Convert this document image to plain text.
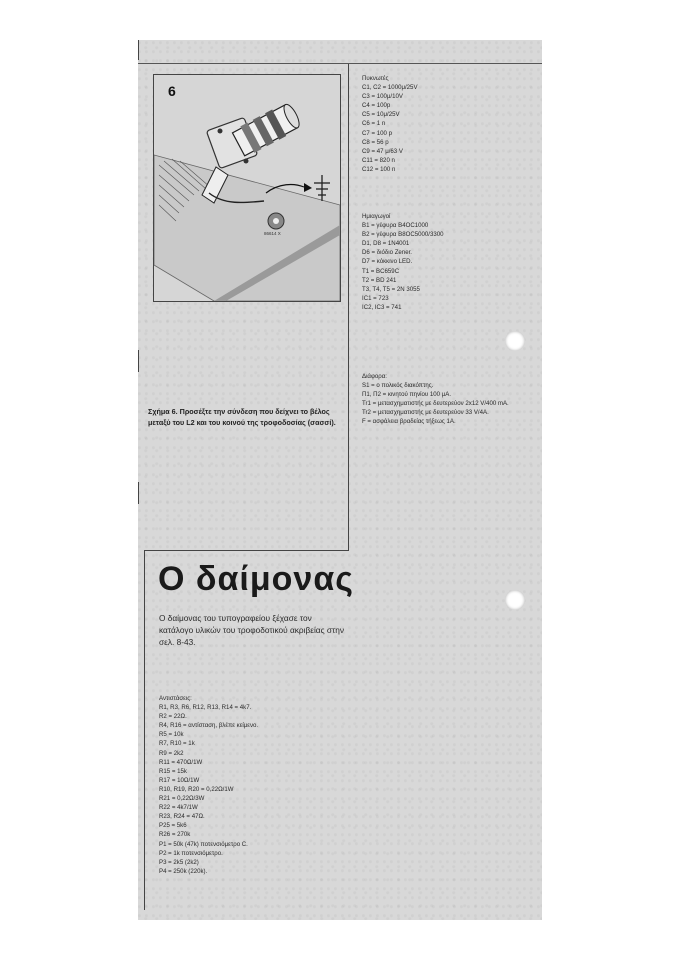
6
86614 X
Σχήμα 6. Προσέξτε την σύνδεση που δείχνει το βέλος μεταξύ του L2 και του κοινού της τροφοδοσίας (σασσί).
Πυκνωτές
C1, C2 = 1000μ/25V
C3 = 100μ/10V
C4 = 100p
C5 = 10μ/25V
C6 = 1 n
C7 = 100 p
C8 = 56 p
C9 = 47 μ/63 V
C11 = 820 n
C12 = 100 n
Ημιαγωγοί
B1 = γέφυρα B4OC1000
B2 = γέφυρα B8OC5000/3300
D1, D8 = 1N4001
D6 = διόδιο Zener.
D7 = κόκκινο LED.
T1 = BC659C
T2 = BD 241
T3, T4, T5 = 2N 3055
IC1 = 723
IC2, IC3 = 741
Διάφορα:
S1 = ο πολικός διακόπτης.
Π1, Π2 = κινητού πηνίου 100 μA.
Tr1 = μετασχηματιστής με δευτερεύον 2x12 V/400 mA.
Tr2 = μετασχηματιστής με δευτερεύον 33 V/4A.
F = ασφάλεια βραδείας τήξεως 1A.
Ο δαίμονας
Ο δαίμονας του τυπογραφείου ξέχασε τον κατάλογο υλικών του τροφοδοτικού ακριβείας στην σελ. 8-43.
Αντιστάσεις:
R1, R3, R6, R12, R13, R14 = 4k7.
R2 = 22Ω.
R4, R16 = αντίσταση, βλέπε κείμενο.
R5 = 10k
R7, R10 = 1k
R9 = 2k2
R11 = 470Ω/1W
R15 = 15k
R17 = 10Ω/1W
R10, R19, R20 = 0,22Ω/1W
R21 = 0,22Ω/3W
R22 = 4k7/1W
R23, R24 = 47Ω.
P25 = 5k6
R26 = 270k
P1 = 50k (47k) ποτενσιόμετρο C.
P2 = 1k ποτενσιόμετρο.
P3 = 2k5 (2k2)
P4 = 250k (220k).
